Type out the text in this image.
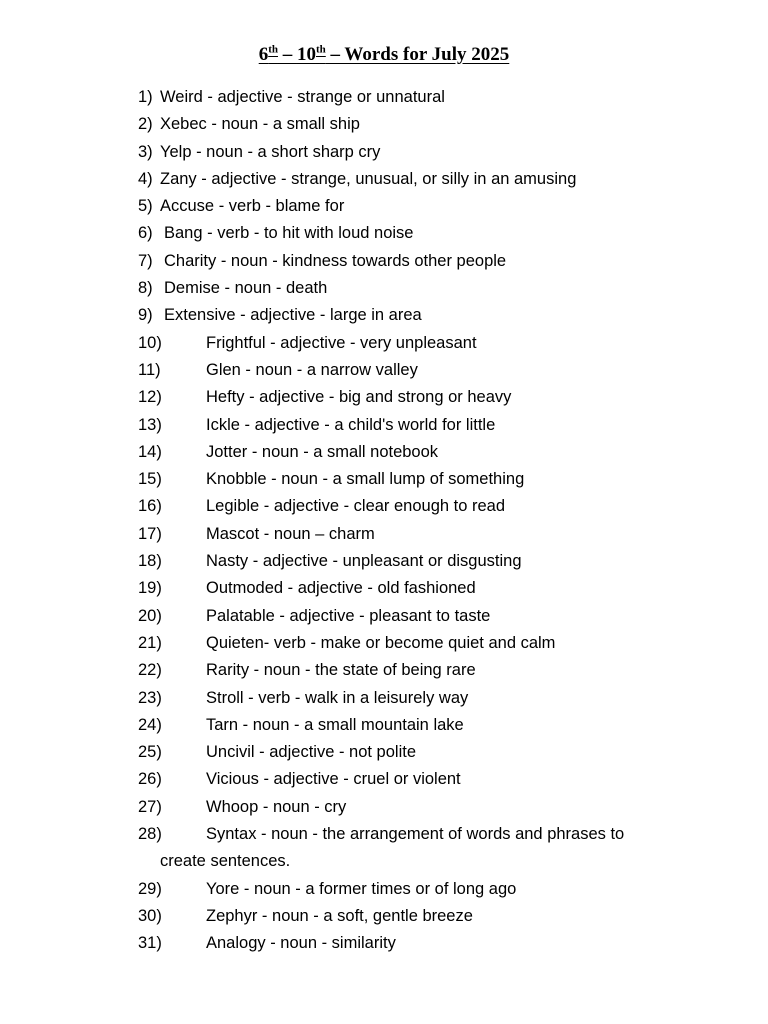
6th – 10th – Words for July 2025
1) Weird - adjective - strange or unnatural
2) Xebec - noun - a small ship
3) Yelp - noun - a short sharp cry
4) Zany - adjective - strange, unusual, or silly in an amusing
5) Accuse - verb - blame for
6) Bang - verb - to hit with loud noise
7) Charity - noun - kindness towards other people
8) Demise - noun - death
9) Extensive - adjective - large in area
10)	Frightful - adjective - very unpleasant
11)	Glen - noun - a narrow valley
12)	Hefty - adjective - big and strong or heavy
13)	Ickle - adjective - a child's world for little
14)	Jotter - noun - a small notebook
15)	Knobble - noun - a small lump of something
16)	Legible - adjective - clear enough to read
17)	Mascot - noun – charm
18)	Nasty - adjective - unpleasant or disgusting
19)	Outmoded - adjective - old fashioned
20)	Palatable - adjective - pleasant to taste
21)	Quieten- verb - make or become quiet and calm
22)	Rarity - noun - the state of being rare
23)	Stroll - verb - walk in a leisurely way
24)	Tarn - noun - a small mountain lake
25)	Uncivil - adjective - not polite
26)	Vicious - adjective - cruel or violent
27)	Whoop - noun - cry
28)	Syntax - noun - the arrangement of words and phrases to
create sentences.
29)	Yore - noun - a former times or of long ago
30)	Zephyr - noun - a soft, gentle breeze
31)	Analogy - noun - similarity
